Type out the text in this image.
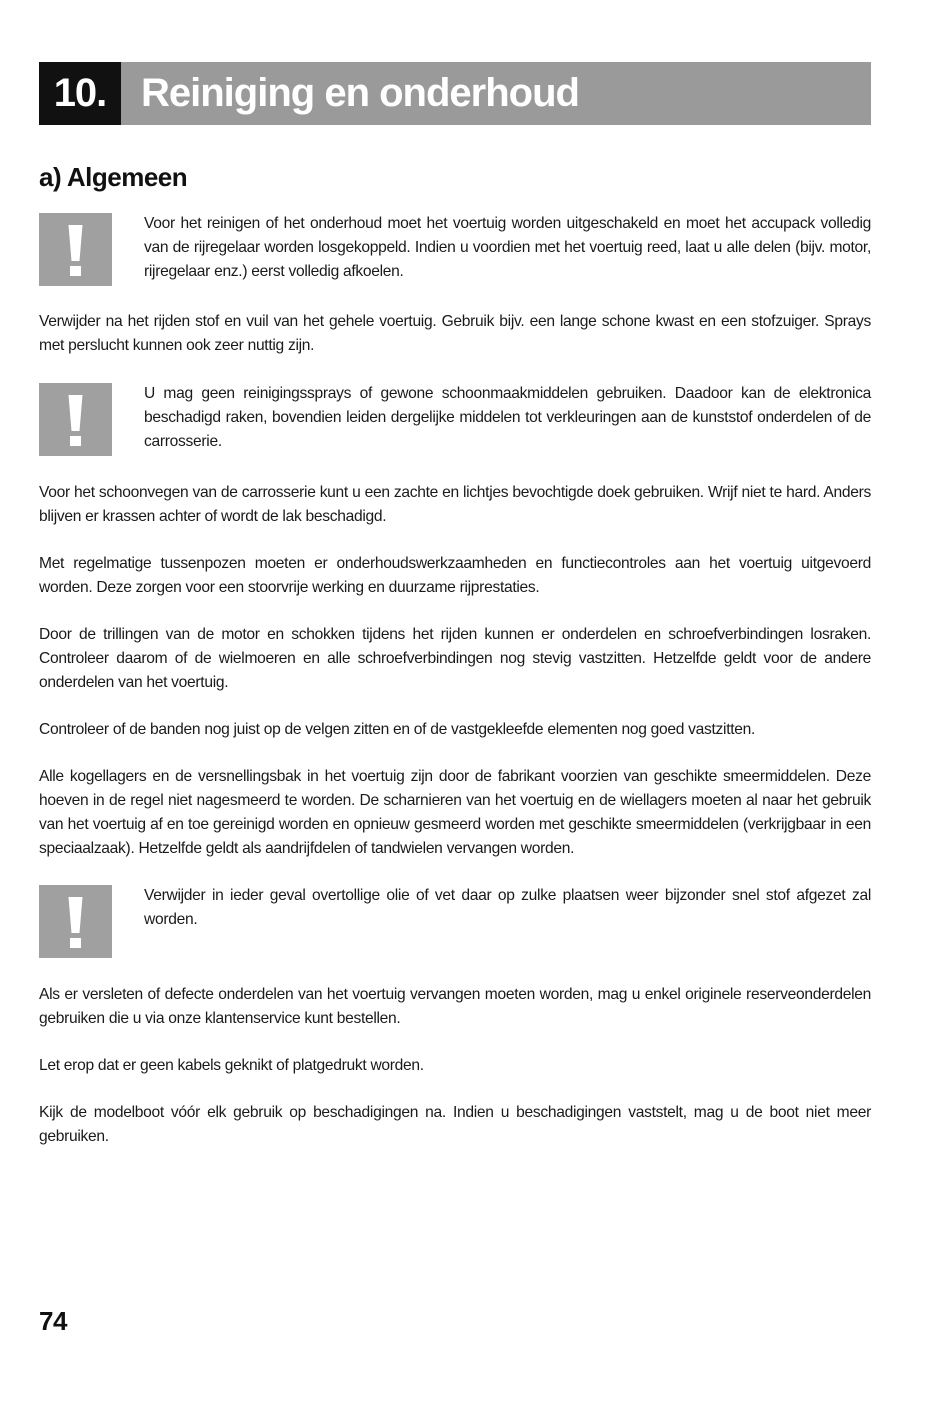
10. Reiniging en onderhoud
a) Algemeen

Voor het reinigen of het onderhoud moet het voertuig worden uitgeschakeld en moet het accupack volledig van de rijregelaar worden losgekoppeld. Indien u voordien met het voertuig reed, laat u alle delen (bijv. motor, rijregelaar enz.) eerst volledig afkoelen.

Verwijder na het rijden stof en vuil van het gehele voertuig. Gebruik bijv. een lange schone kwast en een stofzuiger. Sprays met perslucht kunnen ook zeer nuttig zijn.

U mag geen reinigingssprays of gewone schoonmaakmiddelen gebruiken. Daadoor kan de elektronica beschadigd raken, bovendien leiden dergelijke middelen tot verkleuringen aan de kunststof onderdelen of de carrosserie.

Voor het schoonvegen van de carrosserie kunt u een zachte en lichtjes bevochtigde doek gebruiken. Wrijf niet te hard. Anders blijven er krassen achter of wordt de lak beschadigd.

Met regelmatige tussenpozen moeten er onderhoudswerkzaamheden en functiecontroles aan het voertuig uitgevoerd worden. Deze zorgen voor een stoorvrije werking en duurzame rijprestaties.

Door de trillingen van de motor en schokken tijdens het rijden kunnen er onderdelen en schroefverbindingen losraken. Controleer daarom of de wielmoeren en alle schroefverbindingen nog stevig vastzitten. Hetzelfde geldt voor de andere onderdelen van het voertuig.

Controleer of de banden nog juist op de velgen zitten en of de vastgekleefde elementen nog goed vastzitten.

Alle kogellagers en de versnellingsbak in het voertuig zijn door de fabrikant voorzien van geschikte smeermiddelen. Deze hoeven in de regel niet nagesmeerd te worden. De scharnieren van het voertuig en de wiellagers moeten al naar het gebruik van het voertuig af en toe gereinigd worden en opnieuw gesmeerd worden met geschikte smeermiddelen (verkrijgbaar in een speciaalzaak). Hetzelfde geldt als aandrijfdelen of tandwielen vervangen worden.

Verwijder in ieder geval overtollige olie of vet daar op zulke plaatsen weer bijzonder snel stof afgezet zal worden.

Als er versleten of defecte onderdelen van het voertuig vervangen moeten worden, mag u enkel originele reserveonderdelen gebruiken die u via onze klantenservice kunt bestellen.

Let erop dat er geen kabels geknikt of platgedrukt worden.

Kijk de modelboot vóór elk gebruik op beschadigingen na. Indien u beschadigingen vaststelt, mag u de boot niet meer gebruiken.

74
